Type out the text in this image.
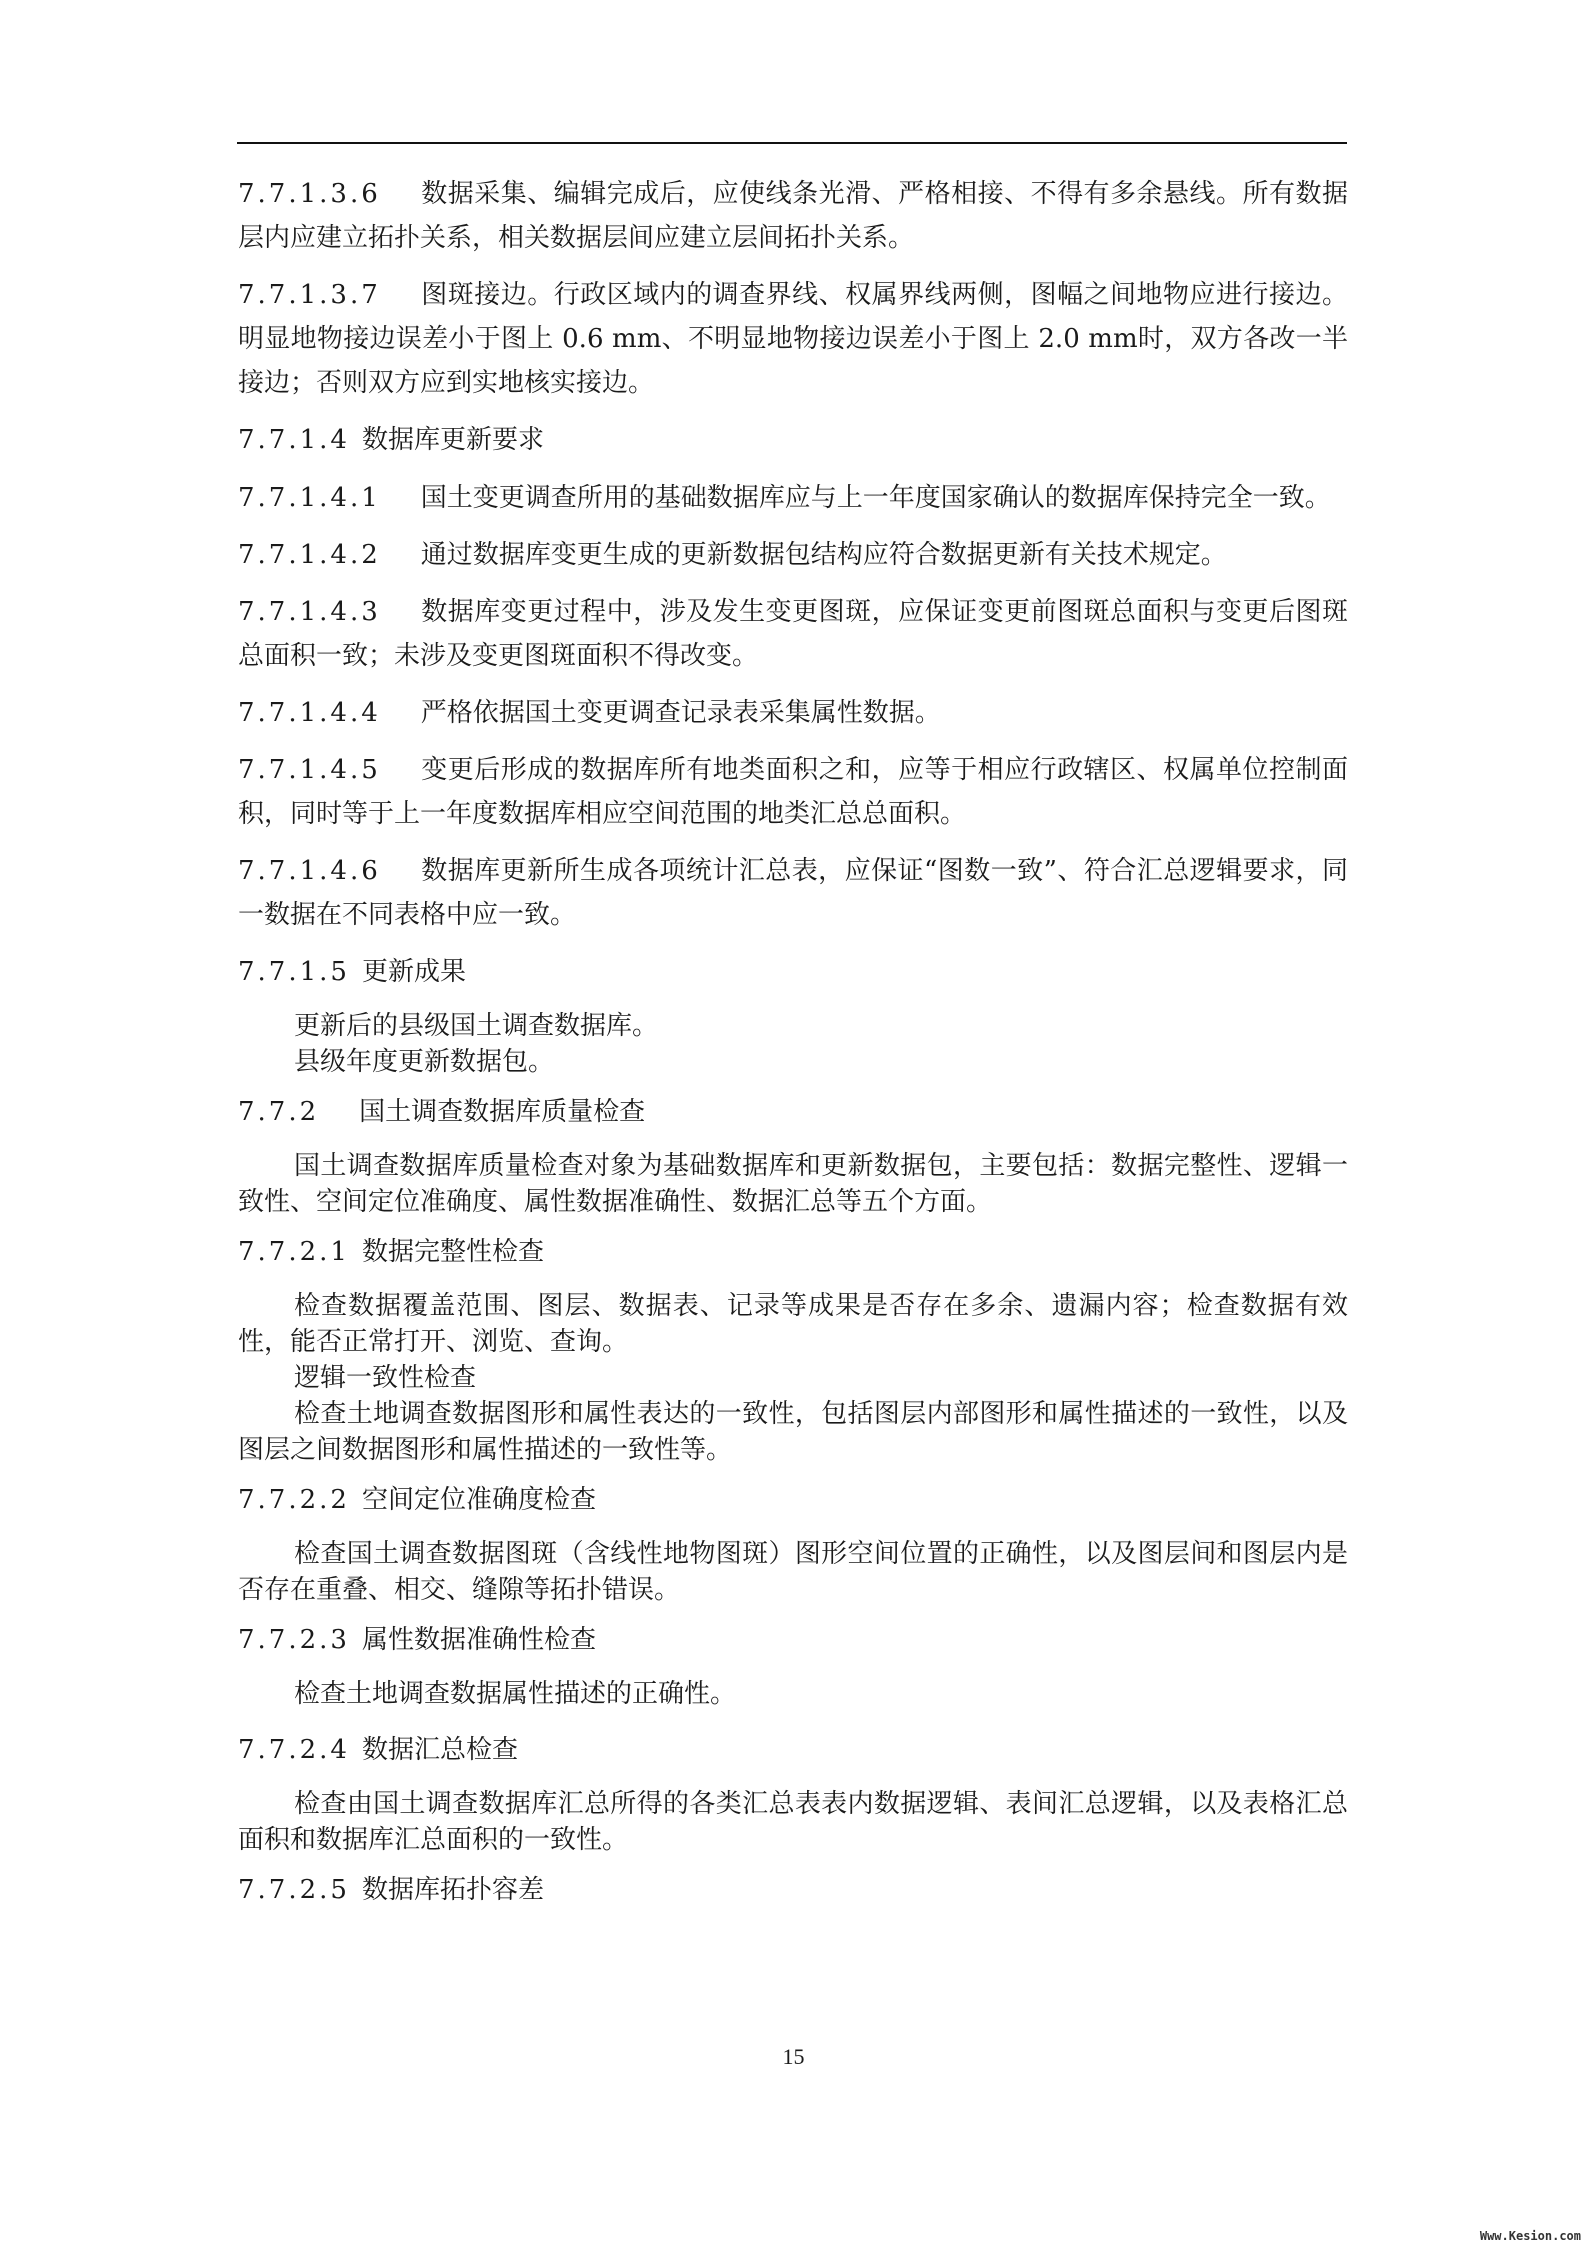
7.7.1.3.6 数据采集、编辑完成后，应使线条光滑、严格相接、不得有多余悬线。所有数据层内应建立拓扑关系，相关数据层间应建立层间拓扑关系。

7.7.1.3.7 图斑接边。行政区域内的调查界线、权属界线两侧，图幅之间地物应进行接边。明显地物接边误差小于图上 0.6 mm、不明显地物接边误差小于图上 2.0 mm时，双方各改一半接边；否则双方应到实地核实接边。

7.7.1.4 数据库更新要求

7.7.1.4.1 国土变更调查所用的基础数据库应与上一年度国家确认的数据库保持完全一致。

7.7.1.4.2 通过数据库变更生成的更新数据包结构应符合数据更新有关技术规定。

7.7.1.4.3 数据库变更过程中，涉及发生变更图斑，应保证变更前图斑总面积与变更后图斑总面积一致；未涉及变更图斑面积不得改变。

7.7.1.4.4 严格依据国土变更调查记录表采集属性数据。

7.7.1.4.5 变更后形成的数据库所有地类面积之和，应等于相应行政辖区、权属单位控制面积，同时等于上一年度数据库相应空间范围的地类汇总总面积。

7.7.1.4.6 数据库更新所生成各项统计汇总表，应保证“图数一致”、符合汇总逻辑要求，同一数据在不同表格中应一致。

7.7.1.5 更新成果

更新后的县级国土调查数据库。

县级年度更新数据包。

7.7.2 国土调查数据库质量检查

国土调查数据库质量检查对象为基础数据库和更新数据包，主要包括：数据完整性、逻辑一致性、空间定位准确度、属性数据准确性、数据汇总等五个方面。

7.7.2.1 数据完整性检查

检查数据覆盖范围、图层、数据表、记录等成果是否存在多余、遗漏内容；检查数据有效性，能否正常打开、浏览、查询。

逻辑一致性检查

检查土地调查数据图形和属性表达的一致性，包括图层内部图形和属性描述的一致性，以及图层之间数据图形和属性描述的一致性等。

7.7.2.2 空间定位准确度检查

检查国土调查数据图斑（含线性地物图斑）图形空间位置的正确性，以及图层间和图层内是否存在重叠、相交、缝隙等拓扑错误。

7.7.2.3 属性数据准确性检查

检查土地调查数据属性描述的正确性。

7.7.2.4 数据汇总检查

检查由国土调查数据库汇总所得的各类汇总表表内数据逻辑、表间汇总逻辑，以及表格汇总面积和数据库汇总面积的一致性。

7.7.2.5 数据库拓扑容差

15
Www.Kesion.com
